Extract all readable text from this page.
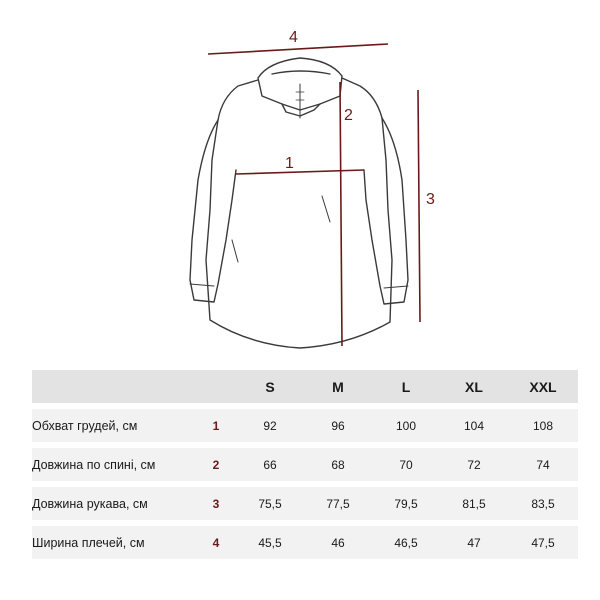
1
2
3
4
		S	M	L	XL	XXL

Обхват грудей, см	1	92	96	100	104	108

Довжина по спині, см	2	66	68	70	72	74

Довжина рукава, см	3	75,5	77,5	79,5	81,5	83,5

Ширина плечей, см	4	45,5	46	46,5	47	47,5
